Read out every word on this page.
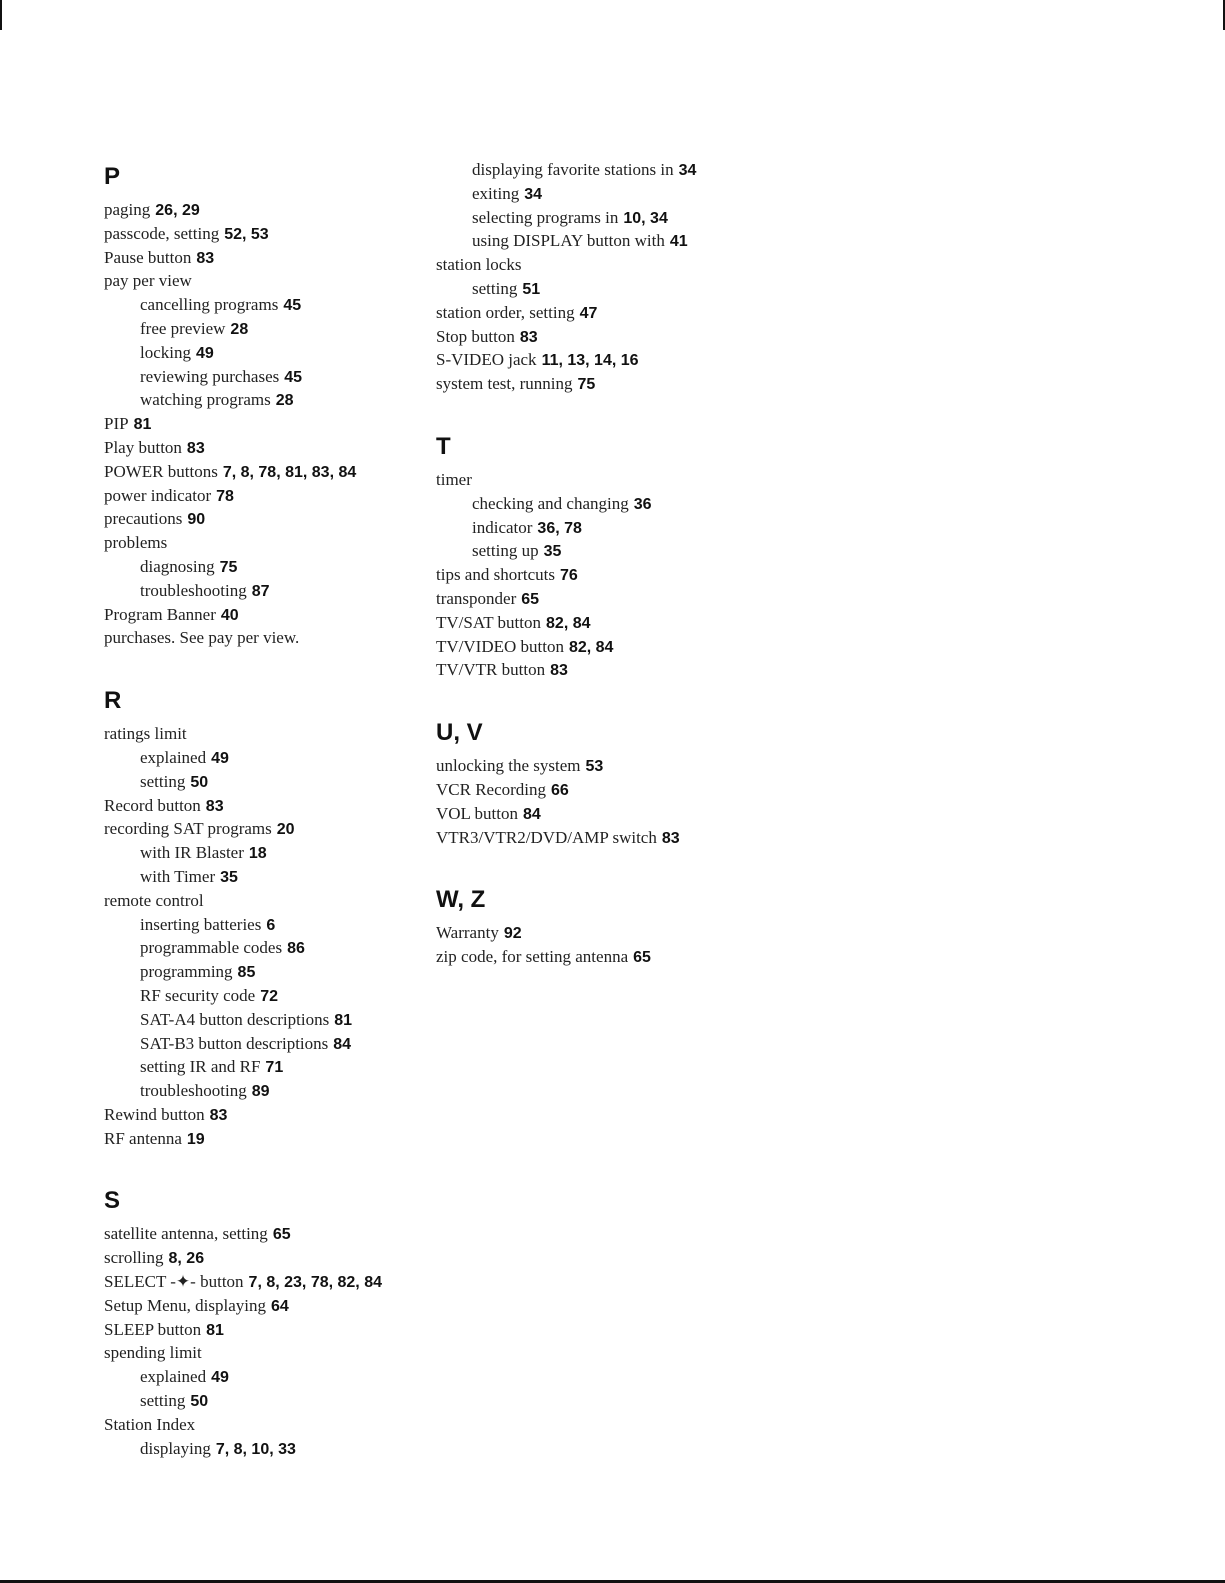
P
paging 26, 29
passcode, setting 52, 53
Pause button 83
pay per view
cancelling programs 45
free preview 28
locking 49
reviewing purchases 45
watching programs 28
PIP 81
Play button 83
POWER buttons 7, 8, 78, 81, 83, 84
power indicator 78
precautions 90
problems
diagnosing 75
troubleshooting 87
Program Banner 40
purchases. See pay per view.
R
ratings limit
explained 49
setting 50
Record button 83
recording SAT programs 20
with IR Blaster 18
with Timer 35
remote control
inserting batteries 6
programmable codes 86
programming 85
RF security code 72
SAT-A4 button descriptions 81
SAT-B3 button descriptions 84
setting IR and RF 71
troubleshooting 89
Rewind button 83
RF antenna 19
S
satellite antenna, setting 65
scrolling 8, 26
SELECT -✦- button 7, 8, 23, 78, 82, 84
Setup Menu, displaying 64
SLEEP button 81
spending limit
explained 49
setting 50
Station Index
displaying 7, 8, 10, 33
displaying favorite stations in 34
exiting 34
selecting programs in 10, 34
using DISPLAY button with 41
station locks
setting 51
station order, setting 47
Stop button 83
S-VIDEO jack 11, 13, 14, 16
system test, running 75
T
timer
checking and changing 36
indicator 36, 78
setting up 35
tips and shortcuts 76
transponder 65
TV/SAT button 82, 84
TV/VIDEO button 82, 84
TV/VTR button 83
U, V
unlocking the system 53
VCR Recording 66
VOL button 84
VTR3/VTR2/DVD/AMP switch 83
W, Z
Warranty 92
zip code, for setting antenna 65
